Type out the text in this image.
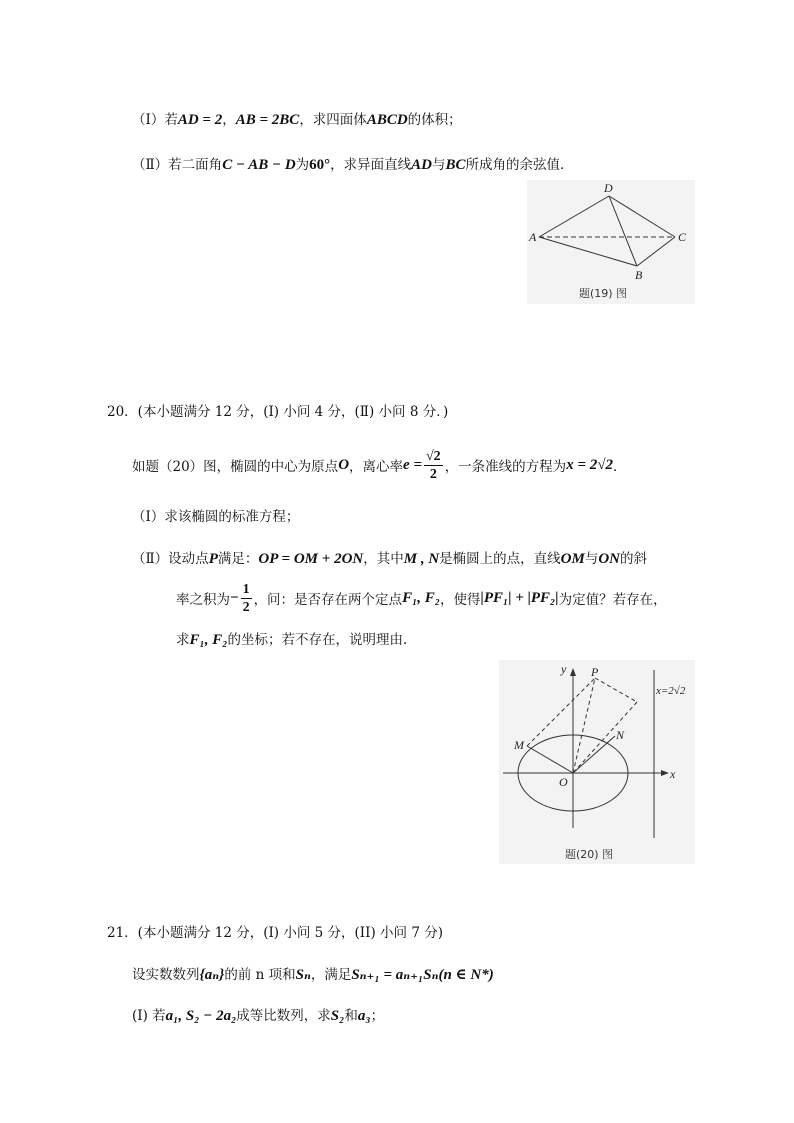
（Ⅰ）若AD = 2，AB = 2BC，求四面体ABCD的体积；
（Ⅱ）若二面角C − AB − D为60°，求异面直线AD与BC所成角的余弦值．
A
D
C
B
题(19) 图
20．(本小题满分 12 分，(Ⅰ) 小问 4 分，(Ⅱ) 小问 8 分．)
如题（20）图，椭圆的中心为原点 O ，离心率 $e = \frac{√2}{2}$ ，一条准线的方程为 x = 2√2 ．
（Ⅰ）求该椭圆的标准方程；
（Ⅱ）设动点P满足：OP = OM + 2ON，其中M , N是椭圆上的点，直线OM与ON的斜
率之积为 − $\frac{1}{2}$ ，问：是否存在两个定点 F₁, F₂ ，使得 |PF₁| + |PF₂| 为定值？若存在，
求F₁, F₂的坐标；若不存在，说明理由．
y
x
P
M
N
O
x=2√2
题(20) 图
21．(本小题满分 12 分，(I) 小问 5 分，(II) 小问 7 分)
设实数数列{aₙ}的前 n 项和Sₙ，满足Sₙ₊₁ = aₙ₊₁Sₙ(n ∈ N*)
(I) 若a₁, S₂ − 2a₂成等比数列，求S₂和a₃；
